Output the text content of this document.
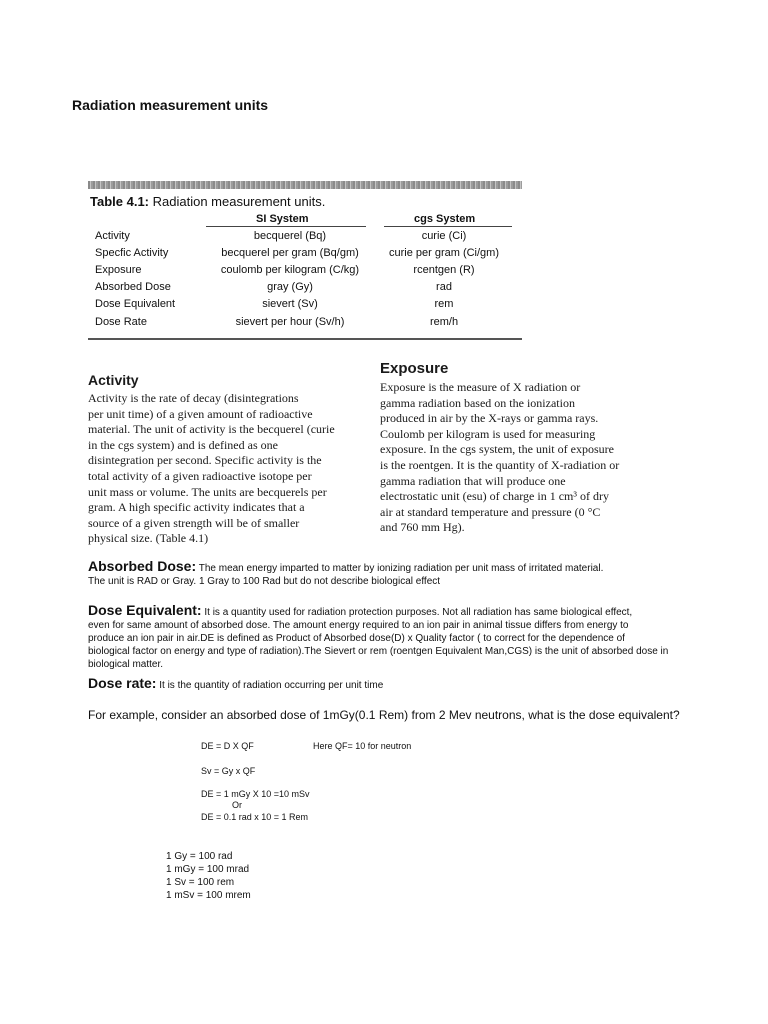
Radiation measurement units
Table 4.1: Radiation measurement units.
SI System	cgs System
Activity	becquerel (Bq)	curie (Ci)
Specfic Activity	becquerel per gram (Bq/gm)	curie per gram (Ci/gm)
Exposure	coulomb per kilogram (C/kg)	rcentgen (R)
Absorbed Dose	gray (Gy)	rad
Dose Equivalent	sievert (Sv)	rem
Dose Rate	sievert per hour (Sv/h)	rem/h
Activity
Activity is the rate of decay (disintegrations
per unit time) of a given amount of radioactive
material. The unit of activity is the becquerel (curie
in the cgs system) and is defined as one
disintegration per second. Specific activity is the
total activity of a given radioactive isotope per
unit mass or volume. The units are becquerels per
gram. A high specific activity indicates that a
source of a given strength will be of smaller
physical size. (Table 4.1)
Exposure
Exposure is the measure of X radiation or
gamma radiation based on the ionization
produced in air by the X-rays or gamma rays.
Coulomb per kilogram is used for measuring
exposure. In the cgs system, the unit of exposure
is the roentgen. It is the quantity of X-radiation or
gamma radiation that will produce one
electrostatic unit (esu) of charge in 1 cm³ of dry
air at standard temperature and pressure (0 °C
and 760 mm Hg).
Absorbed Dose: The mean energy imparted to matter by ionizing radiation per unit mass of irritated material.
The unit is RAD or Gray. 1 Gray to 100 Rad but do not describe biological effect
Dose Equivalent: It is a quantity used for radiation protection purposes. Not all radiation has same biological effect,
even for same amount of absorbed dose. The amount energy required to an ion pair in animal tissue differs from energy to
produce an ion pair in air.DE is defined as Product of Absorbed dose(D) x Quality factor ( to correct for the dependence of
biological factor on energy and type of radiation).The Sievert or rem (roentgen Equivalent Man,CGS) is the unit of absorbed dose in
biological matter.
Dose rate: It is the quantity of radiation occurring per unit time
For example, consider an absorbed dose of 1mGy(0.1 Rem) from 2 Mev neutrons, what is the dose equivalent?
DE = D X QF	Here QF= 10 for neutron
Sv = Gy x QF
DE = 1 mGy X 10 =10 mSv
Or
DE = 0.1 rad x 10 = 1 Rem
1 Gy = 100 rad
1 mGy = 100 mrad
1 Sv = 100 rem
1 mSv = 100 mrem
